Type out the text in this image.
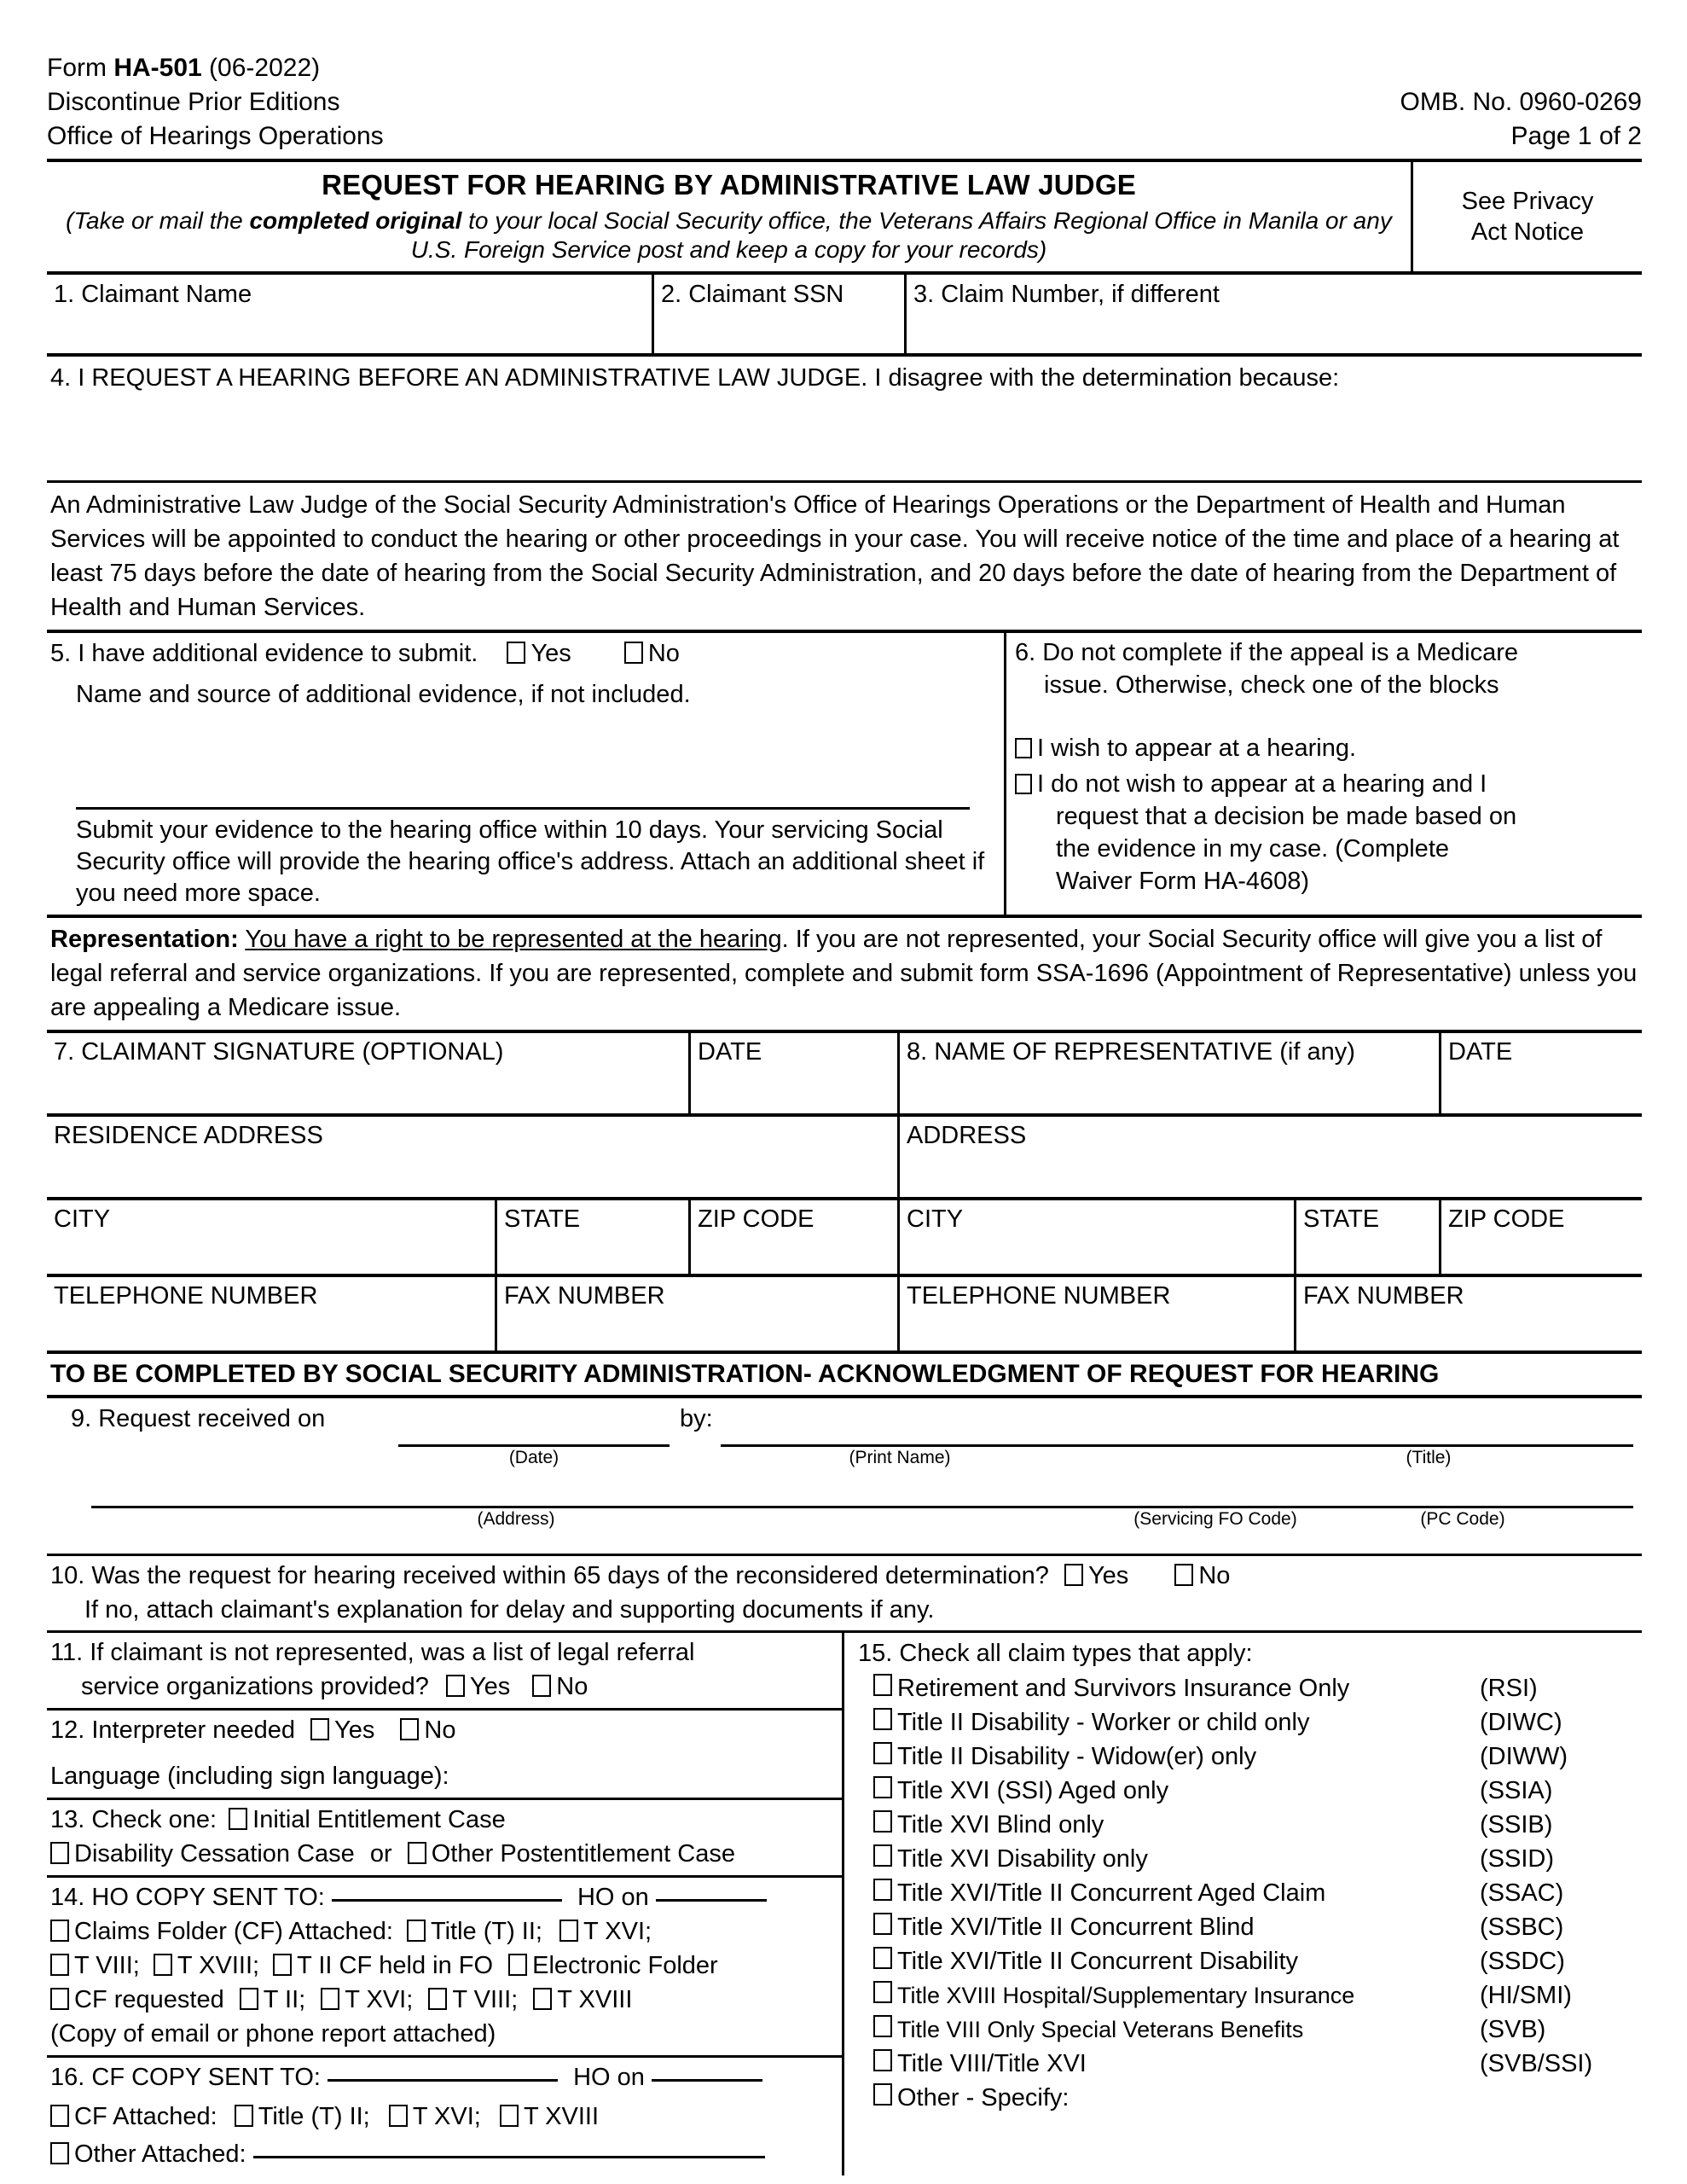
Form HA-501 (06-2022)
Discontinue Prior Editions
Office of Hearings Operations
OMB. No. 0960-0269
Page 1 of 2
REQUEST FOR HEARING BY ADMINISTRATIVE LAW JUDGE
(Take or mail the completed original to your local Social Security office, the Veterans Affairs Regional Office in Manila or any U.S. Foreign Service post and keep a copy for your records)
See Privacy
Act Notice
1. Claimant Name	2. Claimant SSN	3. Claim Number, if different
4. I REQUEST A HEARING BEFORE AN ADMINISTRATIVE LAW JUDGE. I disagree with the determination because:
An Administrative Law Judge of the Social Security Administration's Office of Hearings Operations or the Department of Health and Human Services will be appointed to conduct the hearing or other proceedings in your case. You will receive notice of the time and place of a hearing at least 75 days before the date of hearing from the Social Security Administration, and 20 days before the date of hearing from the Department of Health and Human Services.
5. I have additional evidence to submit. Yes	No
Name and source of additional evidence, if not included.
Submit your evidence to the hearing office within 10 days. Your servicing Social Security office will provide the hearing office's address. Attach an additional sheet if you need more space.
6. Do not complete if the appeal is a Medicare
issue. Otherwise, check one of the blocks
I wish to appear at a hearing.
I do not wish to appear at a hearing and I
request that a decision be made based on
the evidence in my case. (Complete
Waiver Form HA-4608)
Representation: You have a right to be represented at the hearing. If you are not represented, your Social Security office will give you a list of legal referral and service organizations. If you are represented, complete and submit form SSA-1696 (Appointment of Representative) unless you are appealing a Medicare issue.
7. CLAIMANT SIGNATURE (OPTIONAL)	DATE	8. NAME OF REPRESENTATIVE (if any)	DATE
RESIDENCE ADDRESS	ADDRESS
CITY	STATE	ZIP CODE	CITY	STATE	ZIP CODE
TELEPHONE NUMBER	FAX NUMBER	TELEPHONE NUMBER	FAX NUMBER
TO BE COMPLETED BY SOCIAL SECURITY ADMINISTRATION- ACKNOWLEDGMENT OF REQUEST FOR HEARING
9. Request received on	by:
(Date)	(Print Name)	(Title)
(Address)	(Servicing FO Code)	(PC Code)
10. Was the request for hearing received within 65 days of the reconsidered determination? Yes	No
If no, attach claimant's explanation for delay and supporting documents if any.
11. If claimant is not represented, was a list of legal referral
service organizations provided? Yes No
12. Interpreter needed Yes No
Language (including sign language):
13. Check one: Initial Entitlement Case
Disability Cessation Case or Other Postentitlement Case
14. HO COPY SENT TO:	HO on
Claims Folder (CF) Attached: Title (T) II; T XVI;
T VIII; T XVIII; T II CF held in FO Electronic Folder
CF requested T II; T XVI; T VIII; T XVIII
(Copy of email or phone report attached)
16. CF COPY SENT TO:	HO on
CF Attached: Title (T) II; T XVI; T XVIII
Other Attached:
15. Check all claim types that apply:
Retirement and Survivors Insurance Only	(RSI)
Title II Disability - Worker or child only	(DIWC)
Title II Disability - Widow(er) only	(DIWW)
Title XVI (SSI) Aged only	(SSIA)
Title XVI Blind only	(SSIB)
Title XVI Disability only	(SSID)
Title XVI/Title II Concurrent Aged Claim	(SSAC)
Title XVI/Title II Concurrent Blind	(SSBC)
Title XVI/Title II Concurrent Disability	(SSDC)
Title XVIII Hospital/Supplementary Insurance	(HI/SMI)
Title VIII Only Special Veterans Benefits	(SVB)
Title VIII/Title XVI	(SVB/SSI)
Other - Specify:
